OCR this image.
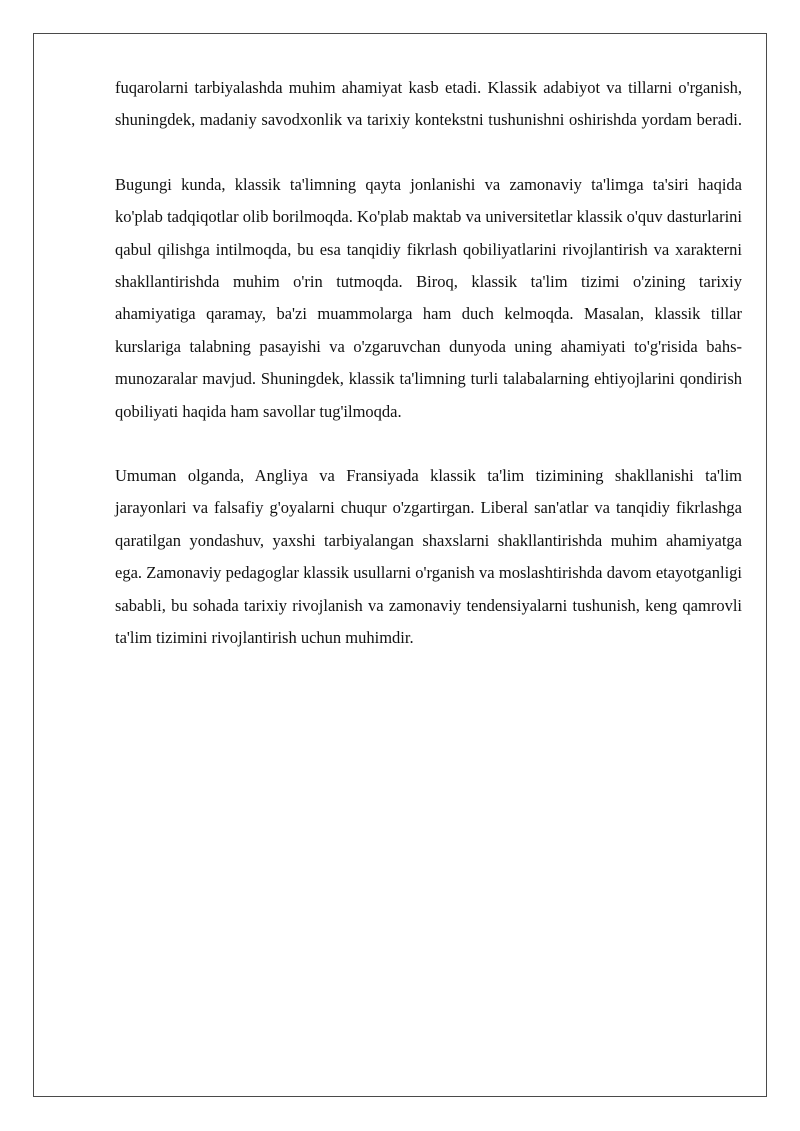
fuqarolarni tarbiyalashda muhim ahamiyat kasb etadi. Klassik adabiyot va tillarni o'rganish, shuningdek, madaniy savodxonlik va tarixiy kontekstni tushunishni oshirishda yordam beradi.

Bugungi kunda, klassik ta'limning qayta jonlanishi va zamonaviy ta'limga ta'siri haqida ko'plab tadqiqotlar olib borilmoqda. Ko'plab maktab va universitetlar klassik o'quv dasturlarini qabul qilishga intilmoqda, bu esa tanqidiy fikrlash qobiliyatlarini rivojlantirish va xarakterni shakllantirishda muhim o'rin tutmoqda. Biroq, klassik ta'lim tizimi o'zining tarixiy ahamiyatiga qaramay, ba'zi muammolarga ham duch kelmoqda. Masalan, klassik tillar kurslariga talabning pasayishi va o'zgaruvchan dunyoda uning ahamiyati to'g'risida bahs-munozaralar mavjud. Shuningdek, klassik ta'limning turli talabalarning ehtiyojlarini qondirish qobiliyati haqida ham savollar tug'ilmoqda.

Umuman olganda, Angliya va Fransiyada klassik ta'lim tizimining shakllanishi ta'lim jarayonlari va falsafiy g'oyalarni chuqur o'zgartirgan. Liberal san'atlar va tanqidiy fikrlashga qaratilgan yondashuv, yaxshi tarbiyalangan shaxslarni shakllantirishda muhim ahamiyatga ega. Zamonaviy pedagoglar klassik usullarni o'rganish va moslashtirishda davom etayotganligi sababli, bu sohada tarixiy rivojlanish va zamonaviy tendensiyalarni tushunish, keng qamrovli ta'lim tizimini rivojlantirish uchun muhimdir.
